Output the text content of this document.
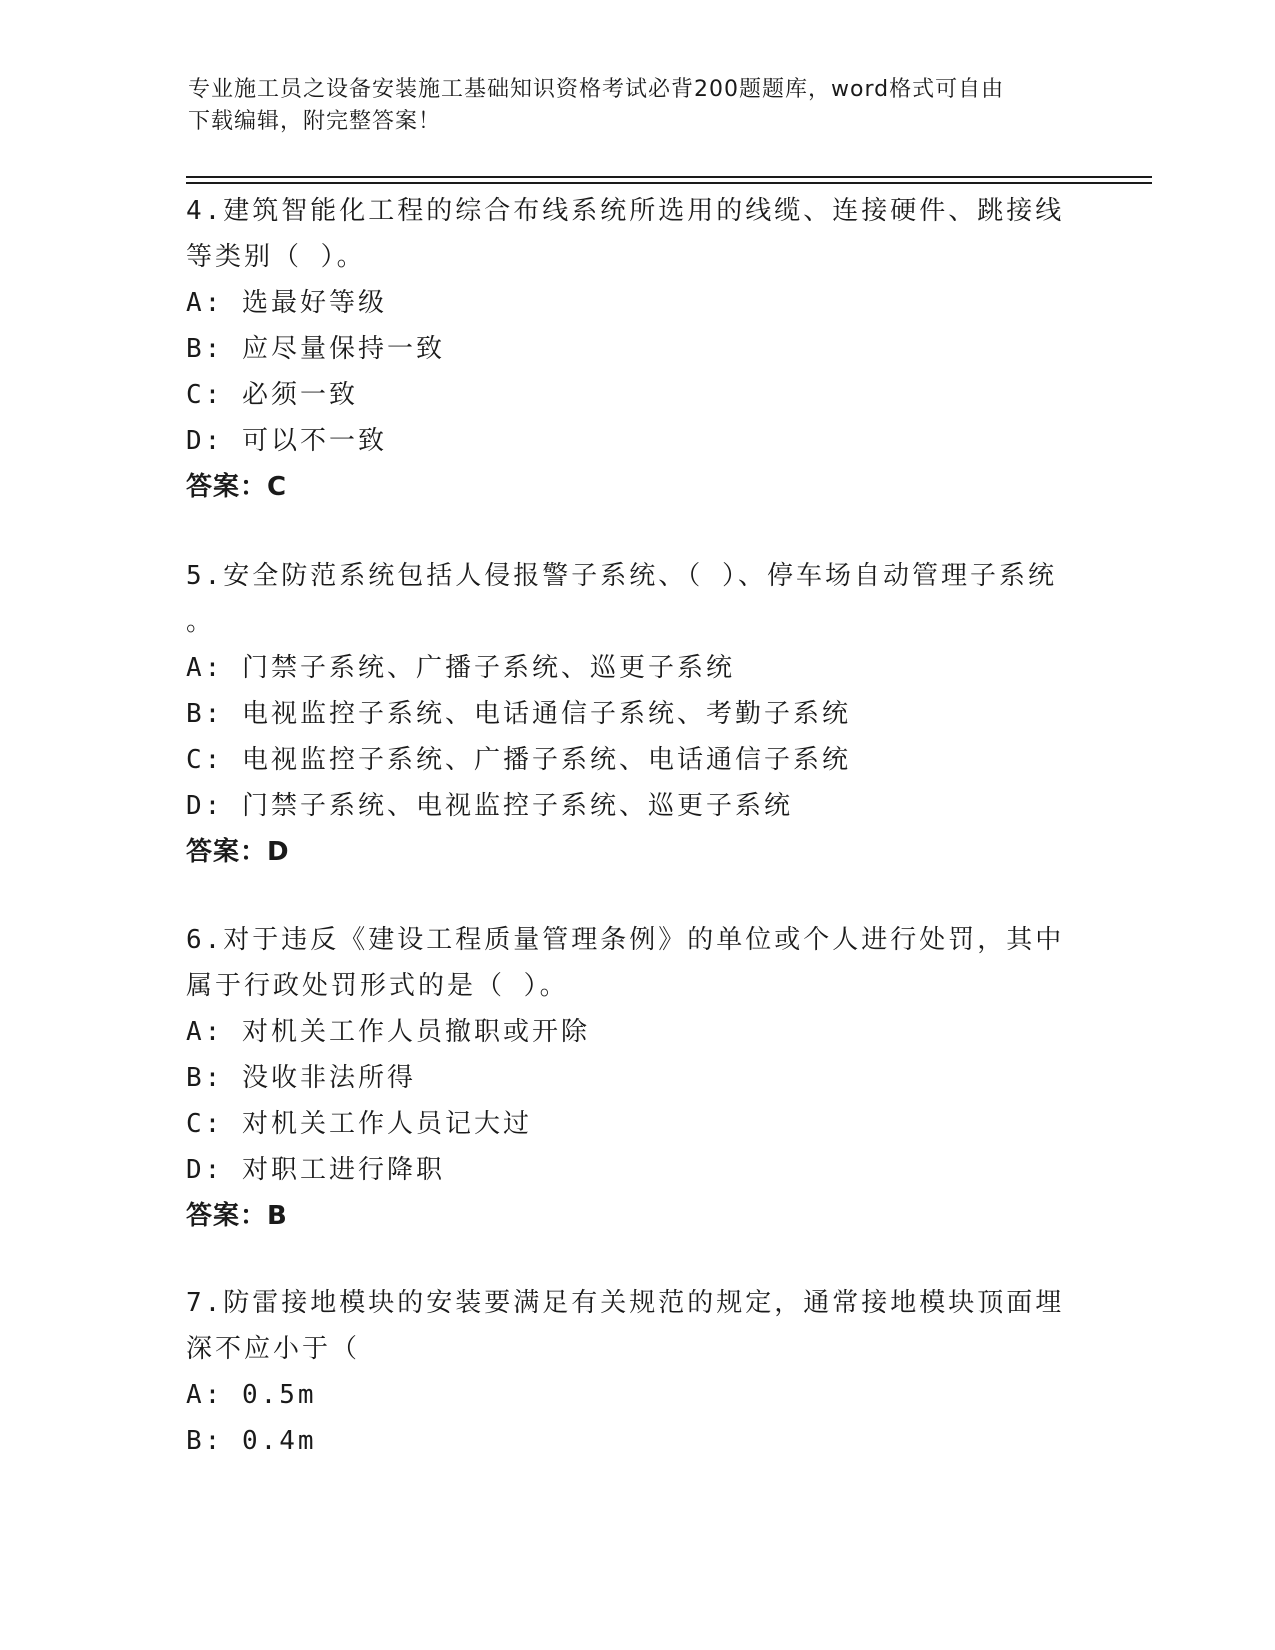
专业施工员之设备安装施工基础知识资格考试必背200题题库，word格式可自由
下载编辑，附完整答案！
4.建筑智能化工程的综合布线系统所选用的线缆、连接硬件、跳接线
等类别（ ）。
A: 选最好等级
B: 应尽量保持一致
C: 必须一致
D: 可以不一致
答案：C
5.安全防范系统包括人侵报警子系统、（ ）、停车场自动管理子系统
。
A: 门禁子系统、广播子系统、巡更子系统
B: 电视监控子系统、电话通信子系统、考勤子系统
C: 电视监控子系统、广播子系统、电话通信子系统
D: 门禁子系统、电视监控子系统、巡更子系统
答案：D
6.对于违反《建设工程质量管理条例》的单位或个人进行处罚，其中
属于行政处罚形式的是（ ）。
A: 对机关工作人员撤职或开除
B: 没收非法所得
C: 对机关工作人员记大过
D: 对职工进行降职
答案：B
7.防雷接地模块的安装要满足有关规范的规定，通常接地模块顶面埋
深不应小于（
A: 0.5m
B: 0.4m
